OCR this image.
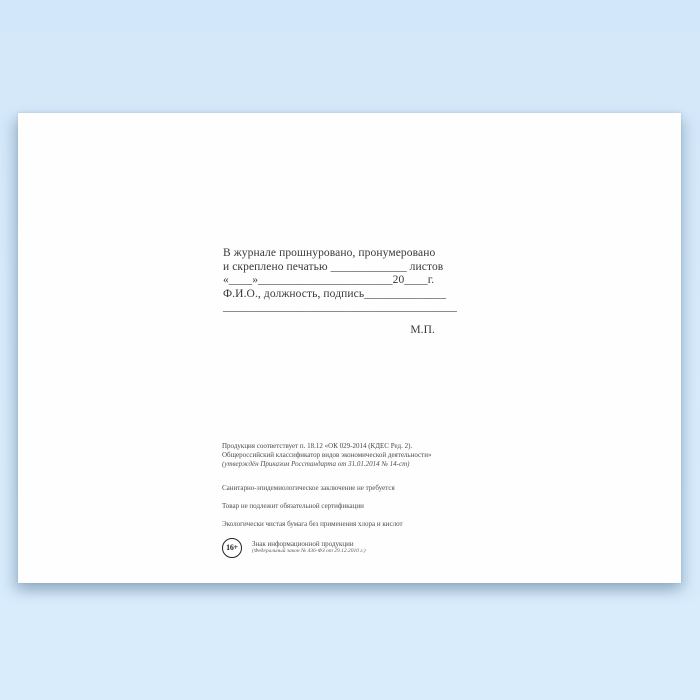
В журнале прошнуровано, пронумеровано
и скреплено печатью _____________ листов
«____»_______________________20____г.
Ф.И.О., должность, подпись______________
________________________________________
М.П.
Продукция соответствует п. 18.12 «ОК 029-2014 (КДЕС Ред. 2).
Общероссийский классификатор видов экономической деятельности»
(утверждён Приказом Росстандарта от 31.01.2014 № 14-ст)
Санитарно-эпидемиологическое заключение не требуется
Товар не подлежит обязательной сертификации
Экологически чистая бумага без применения хлора и кислот
16+	Знак информационной продукции
(Федеральный закон № 436-ФЗ от 29.12.2010 г.)
